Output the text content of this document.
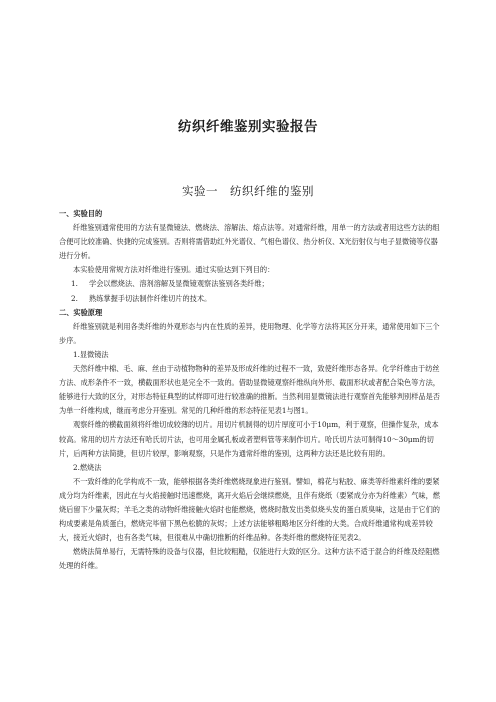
纺织纤维鉴别实验报告
实验一　纺织纤维的鉴别

一、实验目的

纤维鉴别通常使用的方法有显微镜法、燃烧法、溶解法、熔点法等。对通常纤维，用单一的方法或者用这些方法的组合便可比较准确、快捷的完成鉴别。否则将需借助红外光谱仪、气相色谱仪、热分析仪、X光衍射仪与电子显微镜等仪器进行分析。

本实验使用常规方法对纤维进行鉴别。通过实验达到下列目的：

1. 学会以燃烧法、溶剂溶解及显微镜观察法鉴别各类纤维；

2. 熟练掌握手切法制作纤维切片的技术。

二、实验原理

纤维鉴别就是利用各类纤维的外观形态与内在性质的差异，使用物理、化学等方法将其区分开来，通常使用如下三个步序。

1.显微镜法

天然纤维中棉、毛、麻、丝由于动植物物种的差异及形成纤维的过程不一致，致使纤维形态各异。化学纤维由于纺丝方法、成形条件不一致，横截面形状也是完全不一致的。借助显微镜观察纤维纵向外形、截面形状或者配合染色等方法，能够进行大致的区分，对形态特征典型的试样即可进行较准确的推断。当然利用显微镜法进行观察首先能够判别样品是否为单一纤维构成，继而考虑分开鉴别。常见的几种纤维的形态特征见表1与图1。

观察纤维的横截面须将纤维切成较薄的切片。用切片机制得的切片厚度可小于10μm，利于观察，但操作复杂，成本较高。常用的切片方法还有哈氏切片法，也可用金属孔板或者塑料管等来制作切片。哈氏切片法可制得10～30μm的切片，后两种方法简捷，但切片较厚，影响观察，只是作为通常纤维的鉴别，这两种方法还是比较有用的。

2.燃烧法

不一致纤维的化学构成不一致，能够根据各类纤维燃烧现象进行鉴别。譬如，棉花与粘胶、麻类等纤维素纤维的要紧成分均为纤维素，因此在与火焰接触时迅速燃烧，离开火焰后会继续燃烧，且伴有烧纸（要紧成分亦为纤维素）气味，燃烧后留下少量灰烬；羊毛之类的动物纤维接触火焰时也能燃烧，燃烧时散发出类似烧头发的蛋白质臭味，这是由于它们的构成要素是角质蛋白，燃烧完毕留下黑色松脆的灰烬；上述方法能够粗略地区分纤维的大类。合成纤维通常构成差异较大，接近火焰时，也有各类气味，但很难从中确切推断的纤维品种。各类纤维的燃烧特征见表2。

燃烧法简单易行，无需特殊的设备与仪器，但比较粗糙，仅能进行大致的区分。这种方法不适于混合的纤维及经阻燃处理的纤维。
